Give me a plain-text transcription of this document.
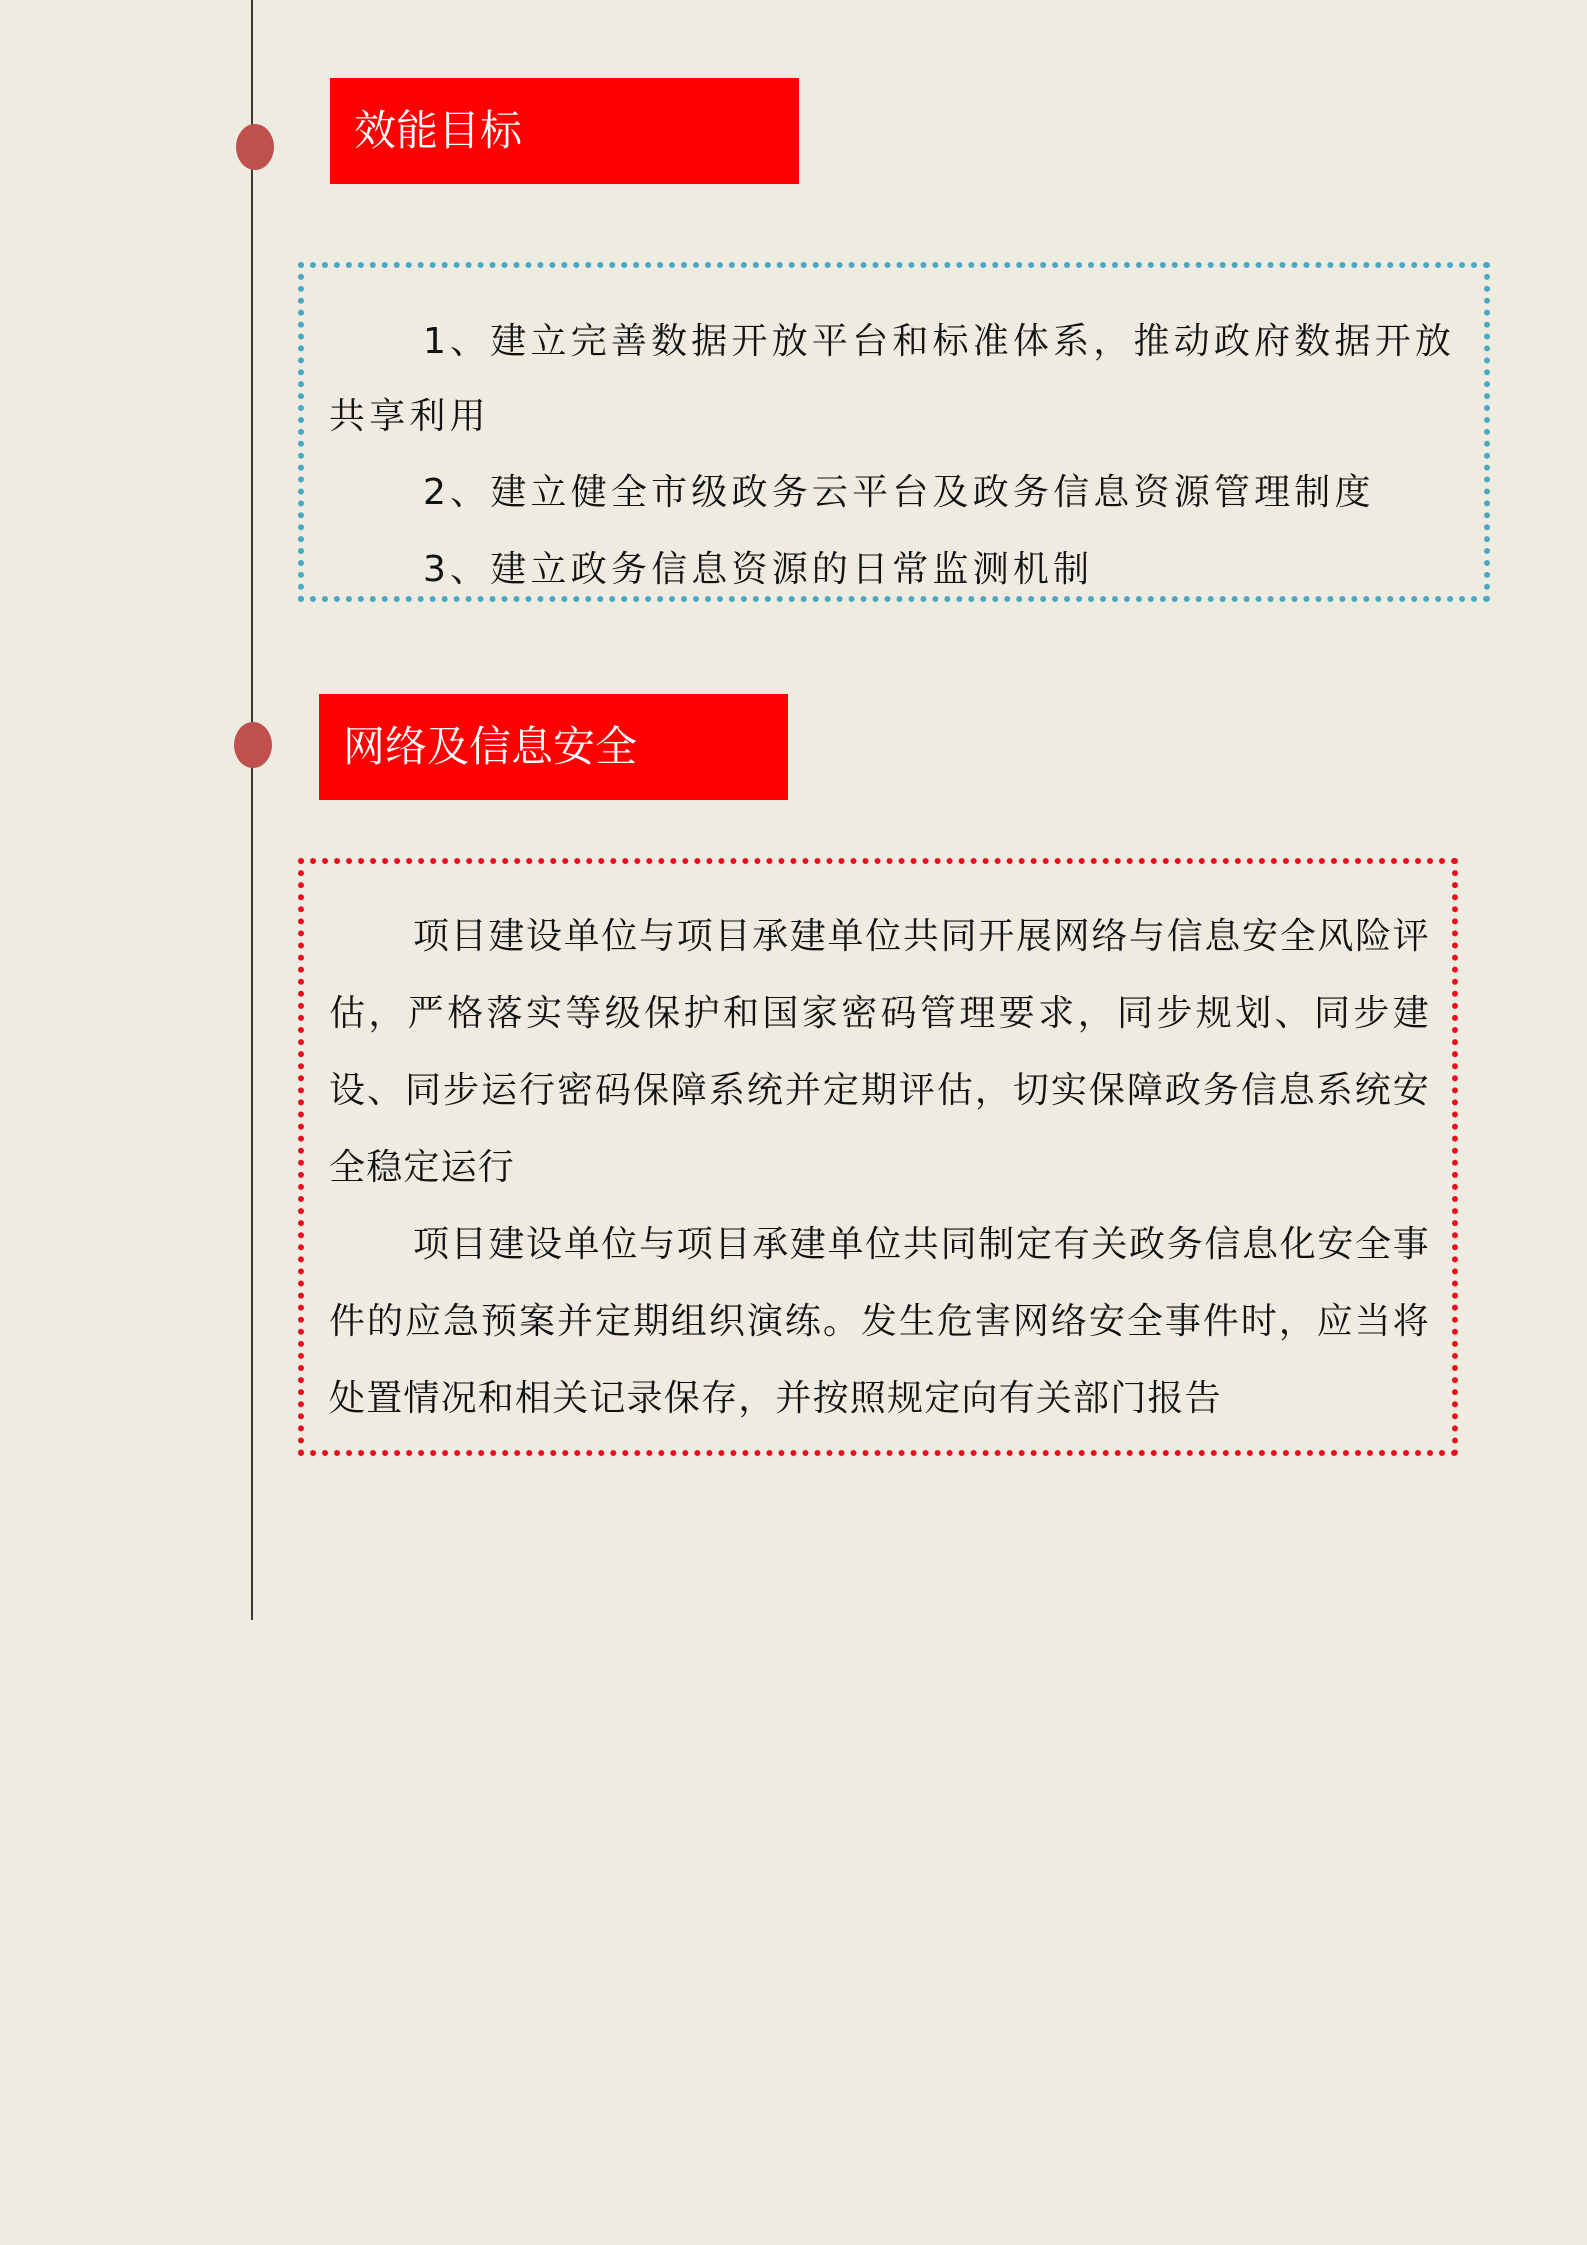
效能目标

1、建立完善数据开放平台和标准体系，推动政府数据开放共享利用

2、建立健全市级政务云平台及政务信息资源管理制度

3、建立政务信息资源的日常监测机制

网络及信息安全

项目建设单位与项目承建单位共同开展网络与信息安全风险评估，严格落实等级保护和国家密码管理要求，同步规划、同步建设、同步运行密码保障系统并定期评估，切实保障政务信息系统安全稳定运行

项目建设单位与项目承建单位共同制定有关政务信息化安全事件的应急预案并定期组织演练。发生危害网络安全事件时，应当将处置情况和相关记录保存，并按照规定向有关部门报告
